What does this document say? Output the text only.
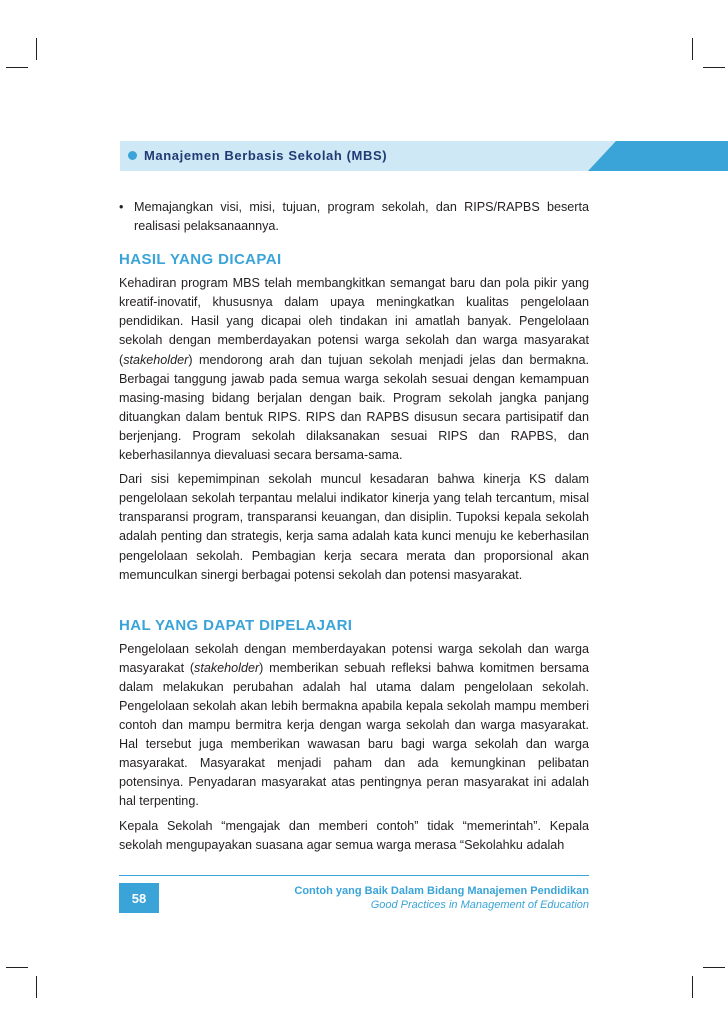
Manajemen Berbasis Sekolah (MBS)
• Memajangkan visi, misi, tujuan, program sekolah, dan RIPS/RAPBS beserta realisasi pelaksanaannya.
HASIL YANG DICAPAI

Kehadiran program MBS telah membangkitkan semangat baru dan pola pikir yang kreatif-inovatif, khususnya dalam upaya meningkatkan kualitas pengelolaan pendidikan. Hasil yang dicapai oleh tindakan ini amatlah banyak. Pengelolaan sekolah dengan memberdayakan potensi warga sekolah dan warga masyarakat (stakeholder) mendorong arah dan tujuan sekolah menjadi jelas dan bermakna. Berbagai tanggung jawab pada semua warga sekolah sesuai dengan kemampuan masing-masing bidang berjalan dengan baik. Program sekolah jangka panjang dituangkan dalam bentuk RIPS. RIPS dan RAPBS disusun secara partisipatif dan berjenjang. Program sekolah dilaksanakan sesuai RIPS dan RAPBS, dan keberhasilannya dievaluasi secara bersama-sama.

Dari sisi kepemimpinan sekolah muncul kesadaran bahwa kinerja KS dalam pengelolaan sekolah terpantau melalui indikator kinerja yang telah tercantum, misal transparansi program, transparansi keuangan, dan disiplin. Tupoksi kepala sekolah adalah penting dan strategis, kerja sama adalah kata kunci menuju ke keberhasilan pengelolaan sekolah. Pembagian kerja secara merata dan proporsional akan memunculkan sinergi berbagai potensi sekolah dan potensi masyarakat.

HAL YANG DAPAT DIPELAJARI

Pengelolaan sekolah dengan memberdayakan potensi warga sekolah dan warga masyarakat (stakeholder) memberikan sebuah refleksi bahwa komitmen bersama dalam melakukan perubahan adalah hal utama dalam pengelolaan sekolah. Pengelolaan sekolah akan lebih bermakna apabila kepala sekolah mampu memberi contoh dan mampu bermitra kerja dengan warga sekolah dan warga masyarakat. Hal tersebut juga memberikan wawasan baru bagi warga sekolah dan warga masyarakat. Masyarakat menjadi paham dan ada kemungkinan pelibatan potensinya. Penyadaran masyarakat atas pentingnya peran masyarakat ini adalah hal terpenting.

Kepala Sekolah “mengajak dan memberi contoh” tidak “memerintah”. Kepala sekolah mengupayakan suasana agar semua warga merasa “Sekolahku adalah

58	Contoh yang Baik Dalam Bidang Manajemen Pendidikan
Good Practices in Management of Education
